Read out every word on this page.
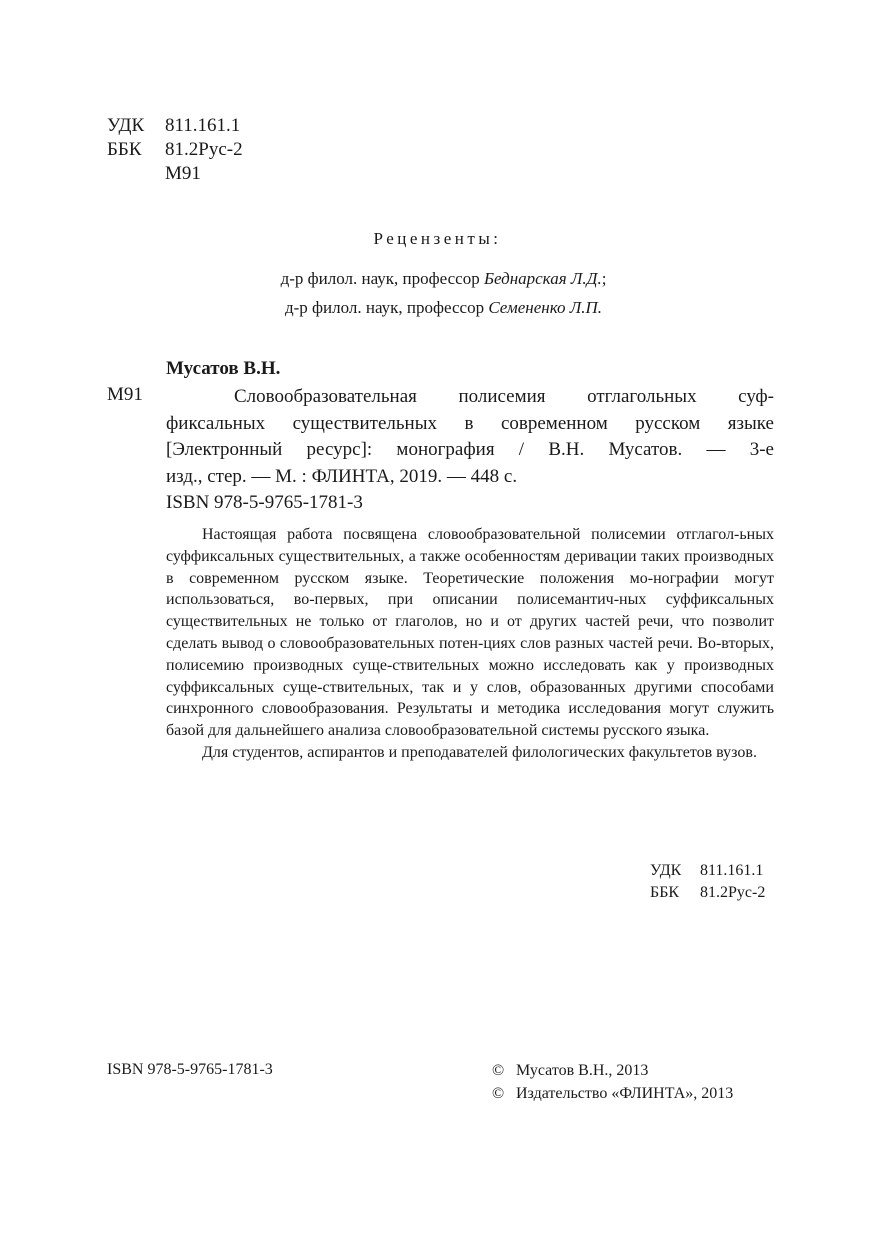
УДК	811.161.1
ББК	81.2Рус-2
М91
Рецензенты:
д-р филол. наук, профессор Беднарская Л.Д.;
д-р филол. наук, профессор Семененко Л.П.
Мусатов В.Н.
М91	Словообразовательная полисемия отглагольных суф-
фиксальных существительных в современном русском языке
[Электронный ресурс]: монография / В.Н. Мусатов. — 3-е
изд., стер. — М. : ФЛИНТА, 2019. — 448 с.
ISBN 978-5-9765-1781-3

Настоящая работа посвящена словообразовательной полисемии отглагол-ьных суффиксальных существительных, а также особенностям деривации таких производных в современном русском языке. Теоретические положения мо-нографии могут использоваться, во-первых, при описании полисемантич-ных суффиксальных существительных не только от глаголов, но и от других частей речи, что позволит сделать вывод о словообразовательных потен-циях слов разных частей речи. Во-вторых, полисемию производных суще-ствительных можно исследовать как у производных суффиксальных суще-ствительных, так и у слов, образованных другими способами синхронного словообразования. Результаты и методика исследования могут служить базой для дальнейшего анализа словообразовательной системы русского языка.

Для студентов, аспирантов и преподавателей филологических факультетов вузов.

УДК	811.161.1
ББК	81.2Рус-2
ISBN 978-5-9765-1781-3	© Мусатов В.Н., 2013
© Издательство «ФЛИНТА», 2013
